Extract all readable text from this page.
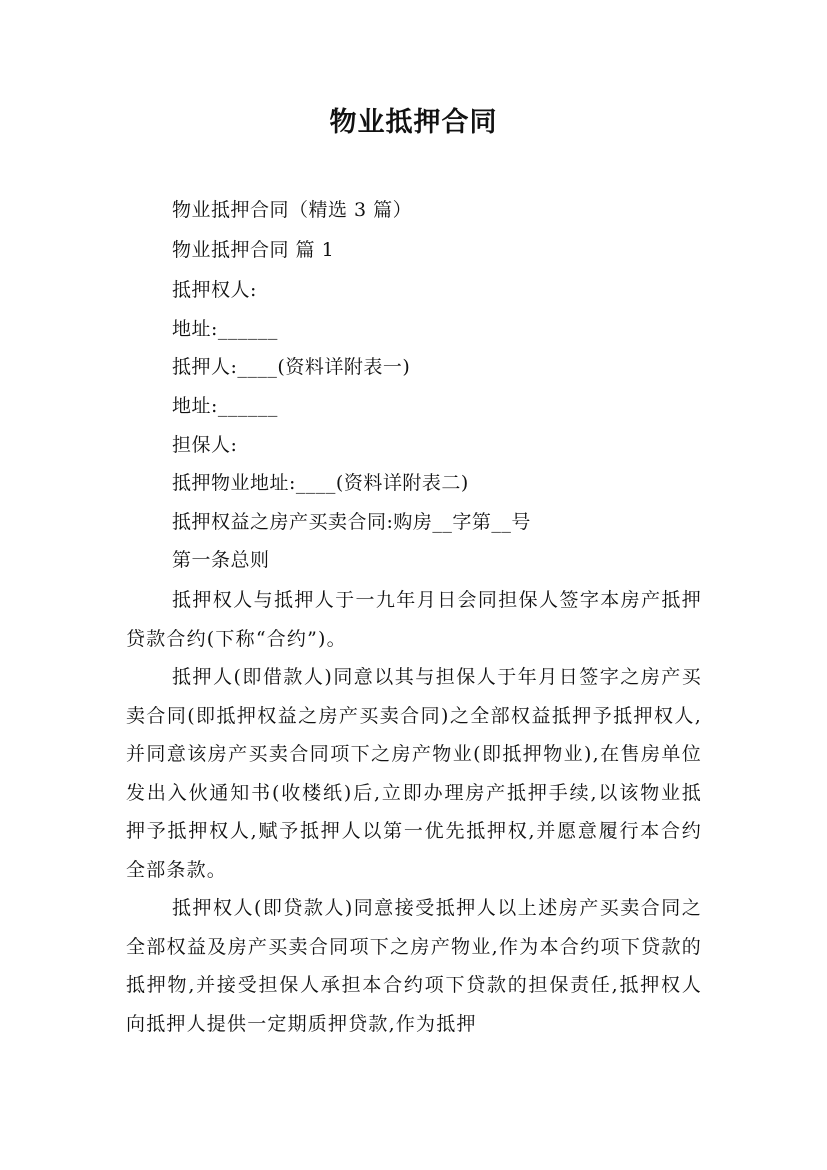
物业抵押合同
物业抵押合同（精选 3 篇）
物业抵押合同 篇 1
抵押权人:
地址:______
抵押人:____(资料详附表一)
地址:______
担保人:
抵押物业地址:____(资料详附表二)
抵押权益之房产买卖合同:购房__字第__号
第一条总则

抵押权人与抵押人于一九年月日会同担保人签字本房产抵押贷款合约(下称“合约”)。

抵押人(即借款人)同意以其与担保人于年月日签字之房产买卖合同(即抵押权益之房产买卖合同)之全部权益抵押予抵押权人,并同意该房产买卖合同项下之房产物业(即抵押物业),在售房单位发出入伙通知书(收楼纸)后,立即办理房产抵押手续,以该物业抵押予抵押权人,赋予抵押人以第一优先抵押权,并愿意履行本合约全部条款。

抵押权人(即贷款人)同意接受抵押人以上述房产买卖合同之全部权益及房产买卖合同项下之房产物业,作为本合约项下贷款的抵押物,并接受担保人承担本合约项下贷款的担保责任,抵押权人向抵押人提供一定期质押贷款,作为抵押
